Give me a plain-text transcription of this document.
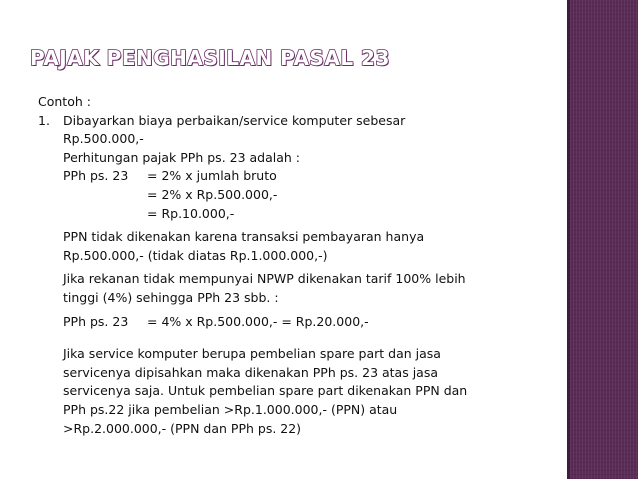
PAJAK PENGHASILAN PASAL 23
Contoh :
1. Dibayarkan biaya perbaikan/service komputer sebesar
Rp.500.000,-
Perhitungan pajak PPh ps. 23 adalah :
PPh ps. 23 = 2% x jumlah bruto
= 2% x Rp.500.000,-
= Rp.10.000,-
PPN tidak dikenakan karena transaksi pembayaran hanya
Rp.500.000,- (tidak diatas Rp.1.000.000,-)
Jika rekanan tidak mempunyai NPWP dikenakan tarif 100% lebih
tinggi (4%) sehingga PPh 23 sbb. :
PPh ps. 23 = 4% x Rp.500.000,- = Rp.20.000,-
Jika service komputer berupa pembelian spare part dan jasa
servicenya dipisahkan maka dikenakan PPh ps. 23 atas jasa
servicenya saja. Untuk pembelian spare part dikenakan PPN dan
PPh ps.22 jika pembelian >Rp.1.000.000,- (PPN) atau
>Rp.2.000.000,- (PPN dan PPh ps. 22)
